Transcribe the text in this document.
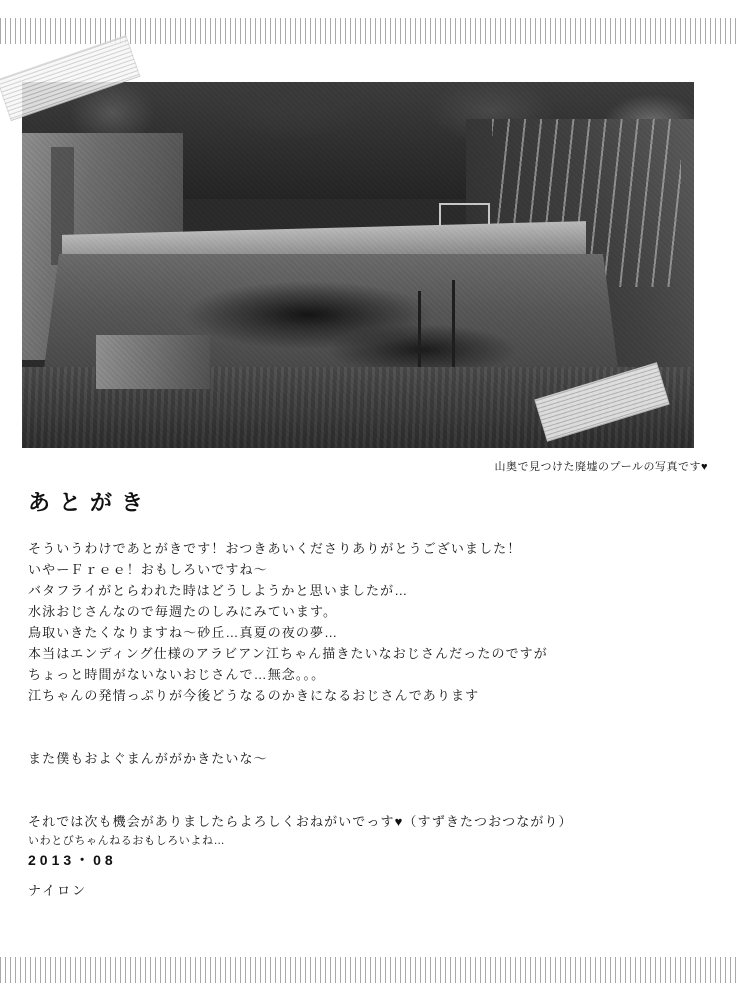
山奥で見つけた廃墟のプールの写真です♥
あとがき
そういうわけであとがきです！おつきあいくださりありがとうございました！
いやーＦｒｅｅ！おもしろいですね〜
バタフライがとらわれた時はどうしようかと思いましたが…
水泳おじさんなので毎週たのしみにみています。
鳥取いきたくなりますね〜砂丘…真夏の夜の夢…
本当はエンディング仕様のアラビアン江ちゃん描きたいなおじさんだったのですが
ちょっと時間がないないおじさんで…無念。。。
江ちゃんの発情っぷりが今後どうなるのかきになるおじさんであります
また僕もおよぐまんががかきたいな〜
それでは次も機会がありましたらよろしくおねがいでっす♥（すずきたつおつながり）
いわとびちゃんねるおもしろいよね…
2013・08
ナイロン
